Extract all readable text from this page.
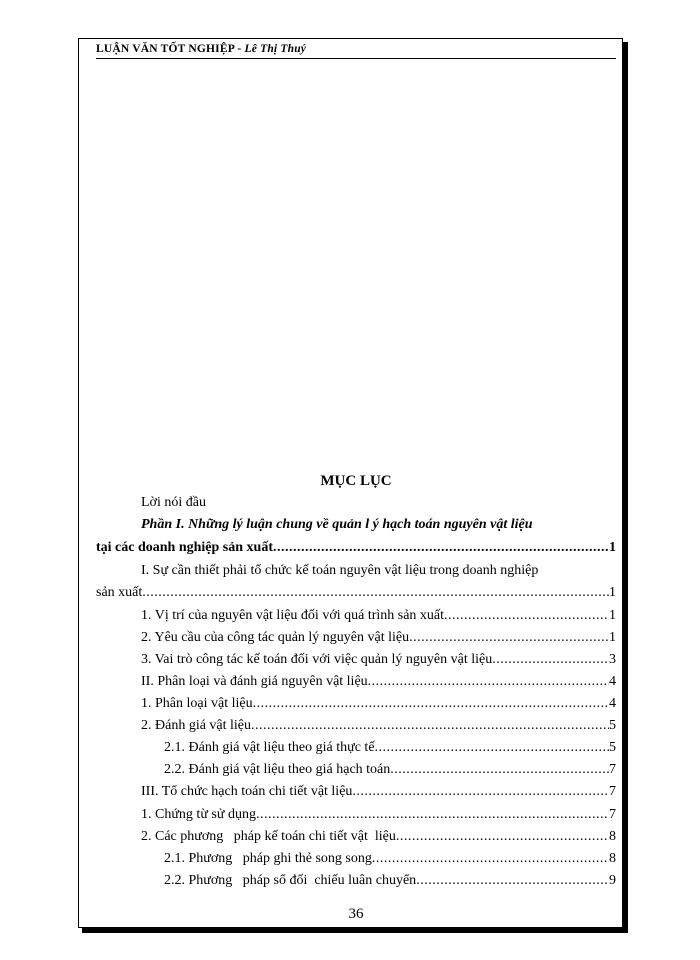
LUẬN VĂN TỐT NGHIỆP - Lê Thị Thuý
MỤC LỤC
Lời nói đầu
Phần I. Những lý luận chung về quản l ý hạch toán nguyên vật liệu
tại các doanh nghiệp sản xuất .....	1
I. Sự cần thiết phải tổ chức kế toán nguyên vật liệu trong doanh nghiệp
sản xuất .....	1
1. Vị trí của nguyên vật liệu đối với quá trình sản xuất .....	1
2. Yêu cầu của công tác quản lý nguyên vật liệu .....	1
3. Vai trò công tác kế toán đối với việc quản lý nguyên vật liệu .....	3
II. Phân loại và đánh giá nguyên vật liệu .....	4
1. Phân loại vật liệu .....	4
2. Đánh giá vật liệu .....	5
2.1. Đánh giá vật liệu theo giá thực tế .....	5
2.2. Đánh giá vật liệu theo giá hạch toán .....	7
III. Tổ chức hạch toán chi tiết vật liệu .....	7
1. Chứng từ sử dụng .....	7
2. Các phương   pháp kế toán chi tiết vật  liệu .....	8
2.1. Phương   pháp ghi thẻ song song .....	8
2.2. Phương   pháp sổ đối  chiếu luân chuyển .....	9
36
